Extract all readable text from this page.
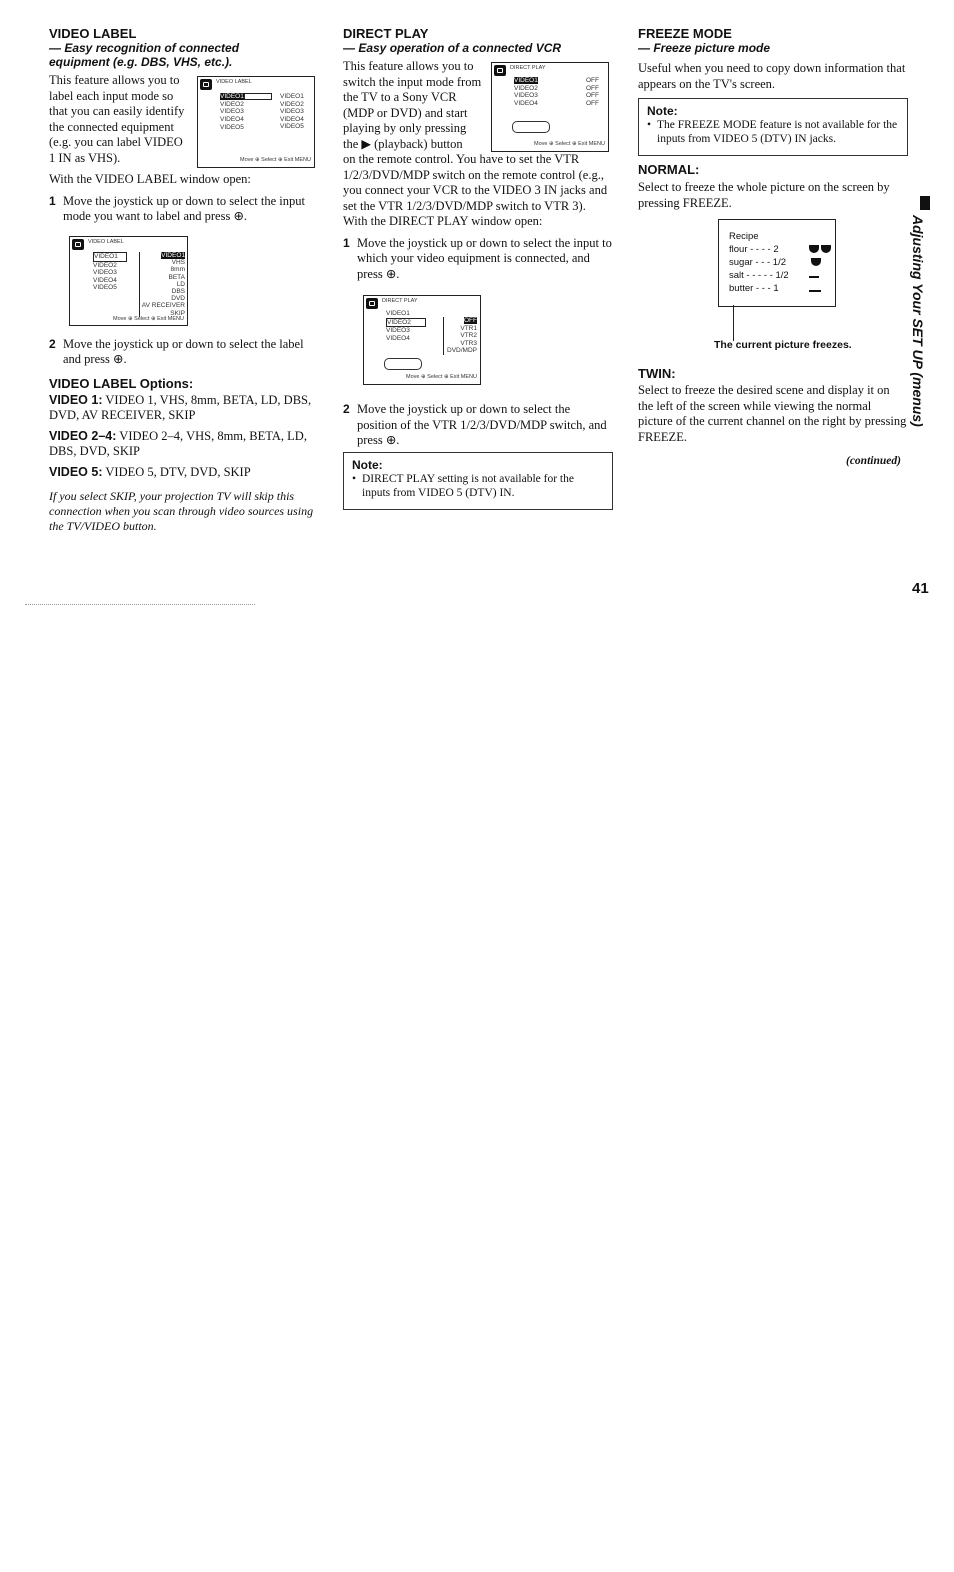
VIDEO LABEL
— Easy recognition of connected
equipment (e.g. DBS, VHS, etc.).
This feature allows you to
label each input mode so
that you can easily identify
the connected equipment
(e.g. you can label VIDEO
1 IN as VHS).
With the VIDEO LABEL window open:
1 Move the joystick up or down to select the input mode you want to label and press ⊕.
2 Move the joystick up or down to select the label and press ⊕.
VIDEO LABEL Options:
VIDEO 1: VIDEO 1, VHS, 8mm, BETA, LD, DBS, DVD, AV RECEIVER, SKIP
VIDEO 2–4: VIDEO 2–4, VHS, 8mm, BETA, LD, DBS, DVD, SKIP
VIDEO 5: VIDEO 5, DTV, DVD, SKIP
If you select SKIP, your projection TV will skip this connection when you scan through video sources using the TV/VIDEO button.
VIDEO LABEL
VIDEO1
VIDEO2
VIDEO3
VIDEO4
VIDEO5
VIDEO1
VIDEO2
VIDEO3
VIDEO4
VIDEO5
Move ⊕ Select ⊕ Exit MENU
VIDEO LABEL
VIDEO1
VIDEO2
VIDEO3
VIDEO4
VIDEO5
VIDEO1
VHS
8mm
BETA
LD
DBS
DVD
AV RECEIVER
SKIP
Move ⊕ Select ⊕ Exit MENU
DIRECT PLAY
— Easy operation of a connected VCR
This feature allows you to
switch the input mode from
the TV to a Sony VCR
(MDP or DVD) and start
playing by only pressing
the ▶ (playback) button
on the remote control. You have to set the VTR 1/2/3/DVD/MDP switch on the remote control (e.g., you connect your VCR to the VIDEO 3 IN jacks and set the VTR 1/2/3/DVD/MDP switch to VTR 3). With the DIRECT PLAY window open:
1 Move the joystick up or down to select the input to which your video equipment is connected, and press ⊕.
2 Move the joystick up or down to select the position of the VTR 1/2/3/DVD/MDP switch, and press ⊕.
DIRECT PLAY
VIDEO1
VIDEO2
VIDEO3
VIDEO4
OFF
OFF
OFF
OFF
Move ⊕ Select ⊕ Exit MENU
DIRECT PLAY
VIDEO1
VIDEO2
VIDEO3
VIDEO4
OFF
VTR1
VTR2
VTR3
DVD/MDP
Move ⊕ Select ⊕ Exit MENU
Note:
• DIRECT PLAY setting is not available for the inputs from VIDEO 5 (DTV) IN.
FREEZE MODE
— Freeze picture mode
Useful when you need to copy down information that appears on the TV's screen.
Note:
• The FREEZE MODE feature is not available for the inputs from VIDEO 5 (DTV) IN jacks.
NORMAL:
Select to freeze the whole picture on the screen by pressing FREEZE.
Recipe
flour - - - - 2
sugar - - - 1/2
salt - - - - - 1/2
butter - - - 1
The current picture freezes.
TWIN:
Select to freeze the desired scene and display it on the left of the screen while viewing the normal picture of the current channel on the right by pressing FREEZE.
(continued)
Adjusting Your SET UP (menus)
41
